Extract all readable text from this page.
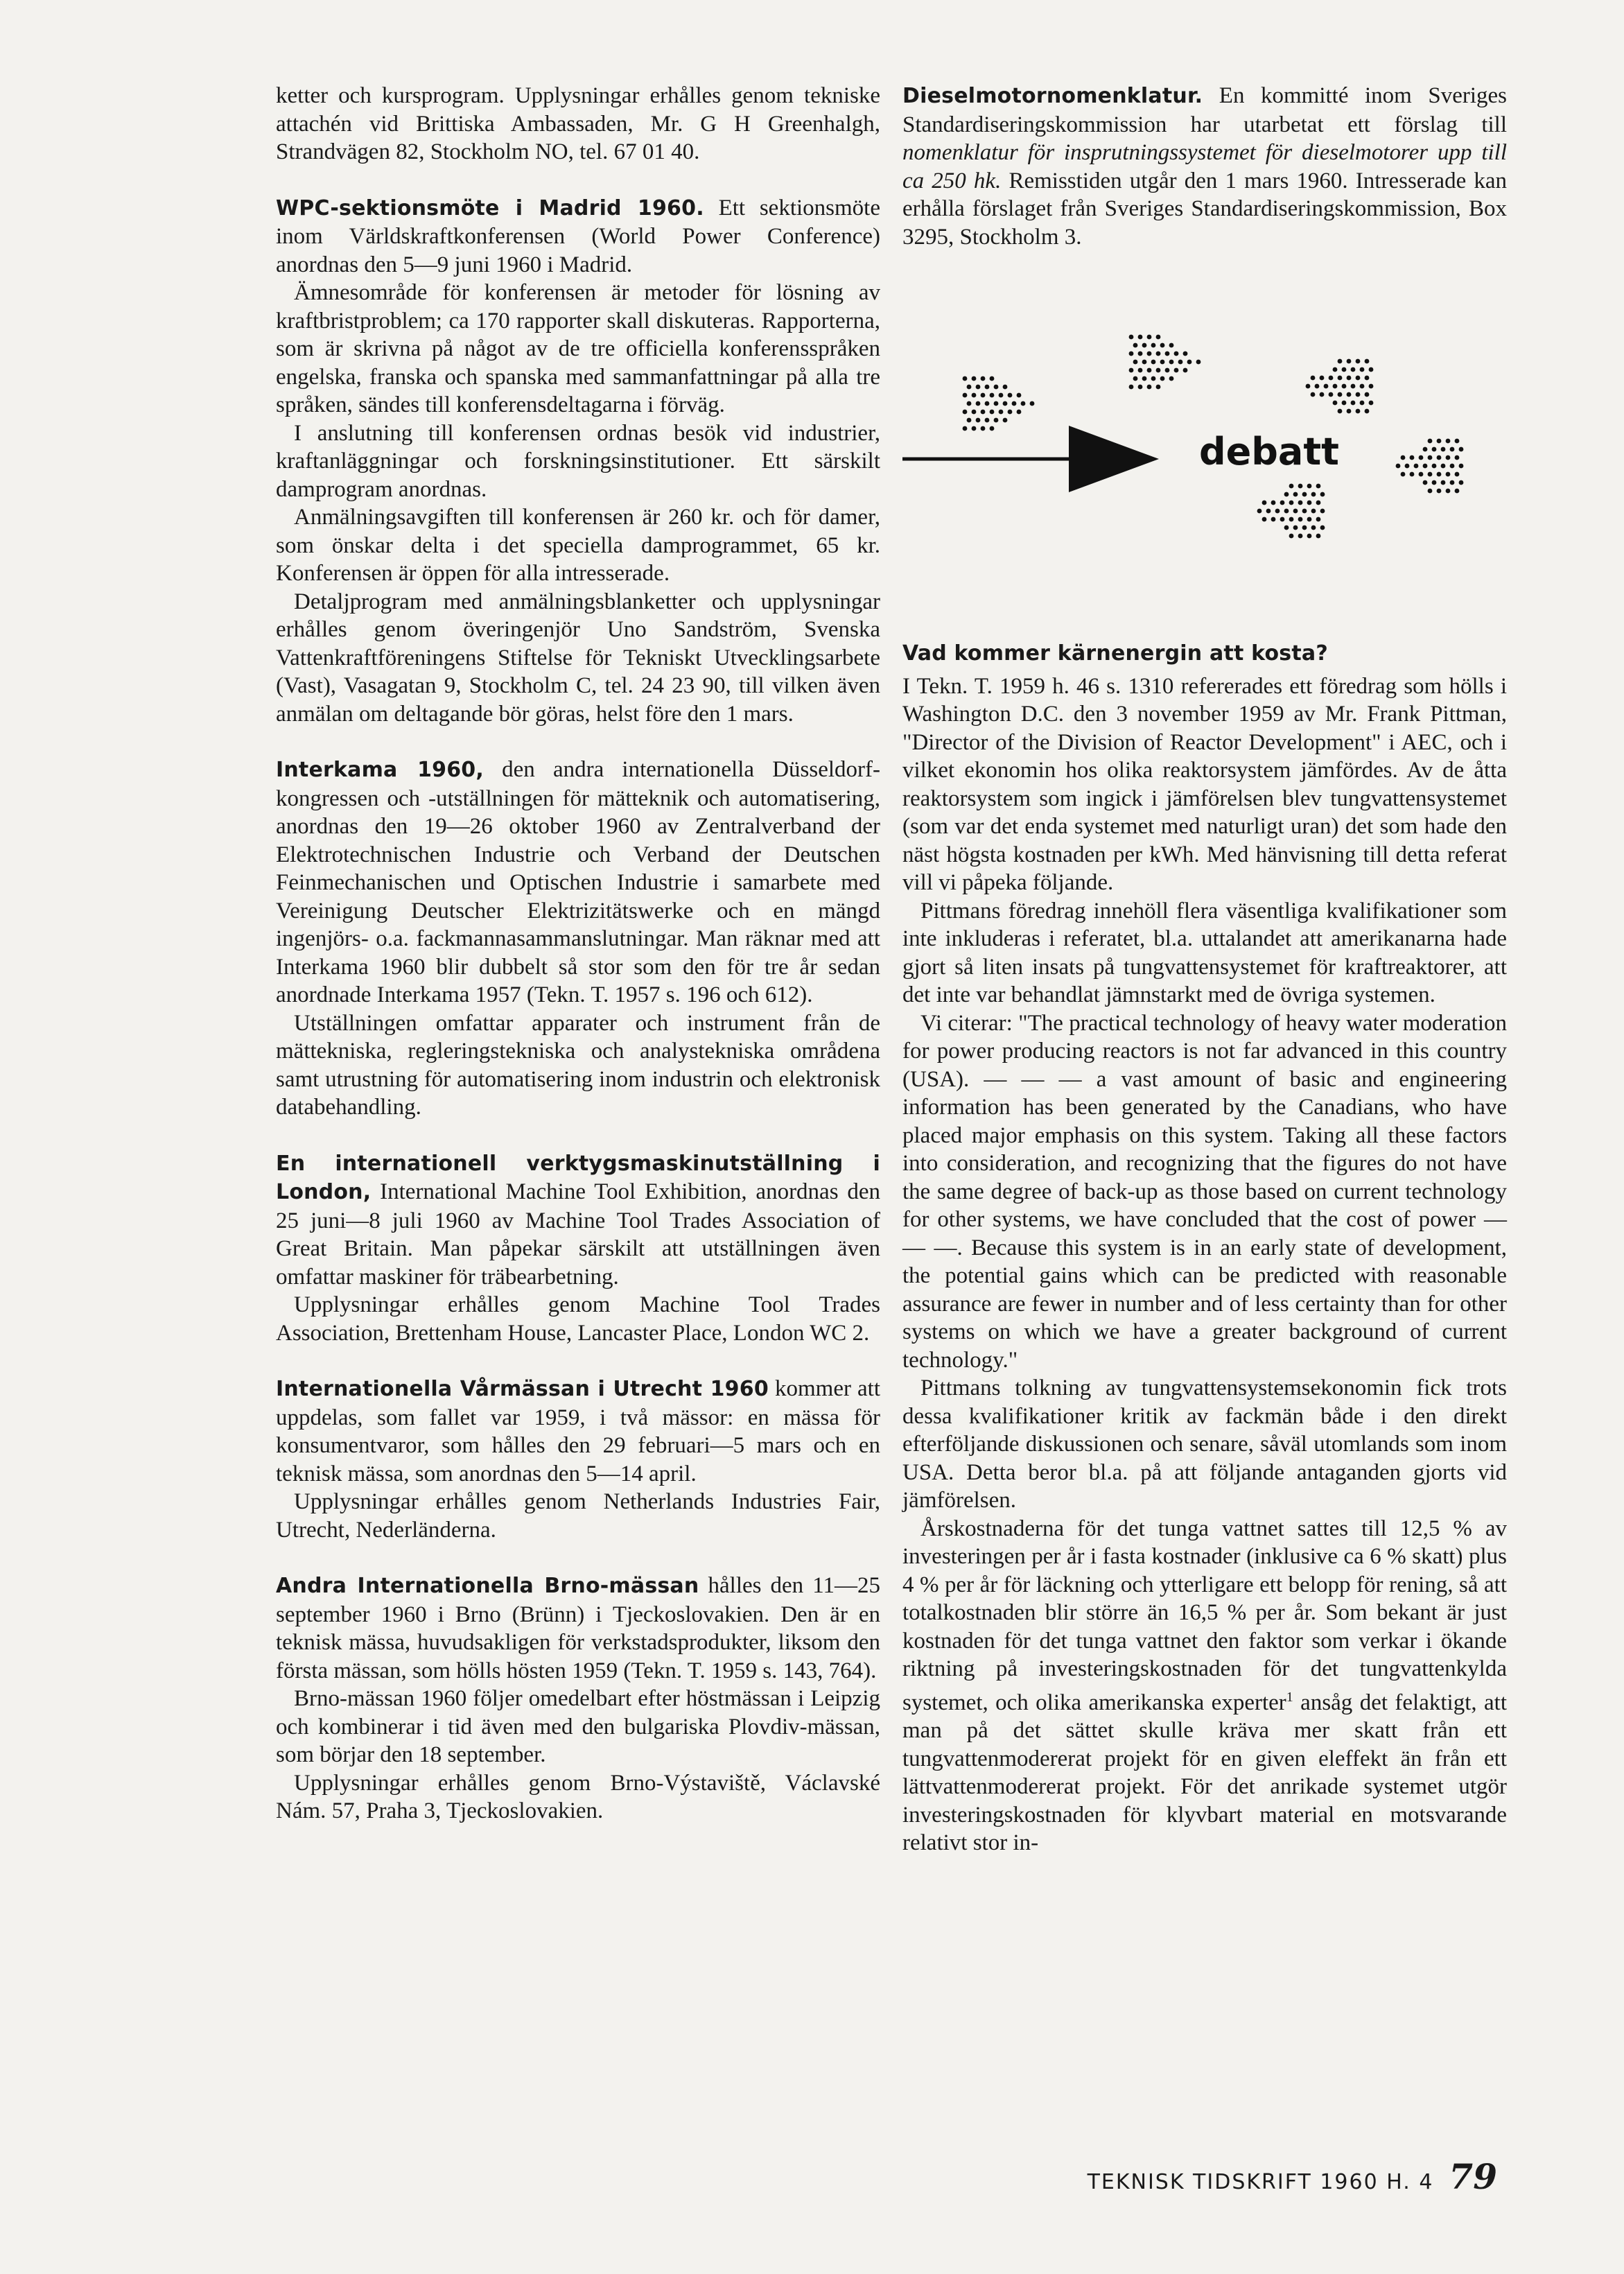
ketter och kursprogram. Upplysningar erhålles genom tekniske attachén vid Brittiska Ambassaden, Mr. G H Greenhalgh, Strandvägen 82, Stockholm NO, tel. 67 01 40.

WPC-sektionsmöte i Madrid 1960. Ett sektionsmöte inom Världskraftkonferensen (World Power Conference) anordnas den 5—9 juni 1960 i Madrid.

Ämnesområde för konferensen är metoder för lösning av kraftbristproblem; ca 170 rapporter skall diskuteras. Rapporterna, som är skrivna på något av de tre officiella konferensspråken engelska, franska och spanska med sammanfattningar på alla tre språken, sändes till konferensdeltagarna i förväg.

I anslutning till konferensen ordnas besök vid industrier, kraftanläggningar och forskningsinstitutioner. Ett särskilt damprogram anordnas.

Anmälningsavgiften till konferensen är 260 kr. och för damer, som önskar delta i det speciella damprogrammet, 65 kr. Konferensen är öppen för alla intresserade.

Detaljprogram med anmälningsblanketter och upplysningar erhålles genom överingenjör Uno Sandström, Svenska Vattenkraftföreningens Stiftelse för Tekniskt Utvecklingsarbete (Vast), Vasagatan 9, Stockholm C, tel. 24 23 90, till vilken även anmälan om deltagande bör göras, helst före den 1 mars.

Interkama 1960, den andra internationella Düsseldorf-kongressen och -utställningen för mätteknik och automatisering, anordnas den 19—26 oktober 1960 av Zentralverband der Elektrotechnischen Industrie och Verband der Deutschen Feinmechanischen und Optischen Industrie i samarbete med Vereinigung Deutscher Elektrizitätswerke och en mängd ingenjörs- o.a. fackmannasammanslutningar. Man räknar med att Interkama 1960 blir dubbelt så stor som den för tre år sedan anordnade Interkama 1957 (Tekn. T. 1957 s. 196 och 612).

Utställningen omfattar apparater och instrument från de mättekniska, regleringstekniska och analystekniska områdena samt utrustning för automatisering inom industrin och elektronisk databehandling.

En internationell verktygsmaskinutställning i London, International Machine Tool Exhibition, anordnas den 25 juni—8 juli 1960 av Machine Tool Trades Association of Great Britain. Man påpekar särskilt att utställningen även omfattar maskiner för träbearbetning.

Upplysningar erhålles genom Machine Tool Trades Association, Brettenham House, Lancaster Place, London WC 2.

Internationella Vårmässan i Utrecht 1960 kommer att uppdelas, som fallet var 1959, i två mässor: en mässa för konsumentvaror, som hålles den 29 februari—5 mars och en teknisk mässa, som anordnas den 5—14 april.

Upplysningar erhålles genom Netherlands Industries Fair, Utrecht, Nederländerna.

Andra Internationella Brno-mässan hålles den 11—25 september 1960 i Brno (Brünn) i Tjeckoslovakien. Den är en teknisk mässa, huvudsakligen för verkstadsprodukter, liksom den första mässan, som hölls hösten 1959 (Tekn. T. 1959 s. 143, 764).

Brno-mässan 1960 följer omedelbart efter höstmässan i Leipzig och kombinerar i tid även med den bulgariska Plovdiv-mässan, som börjar den 18 september.

Upplysningar erhålles genom Brno-Výstaviště, Václavské Nám. 57, Praha 3, Tjeckoslovakien.

Dieselmotornomenklatur. En kommitté inom Sveriges Standardiseringskommission har utarbetat ett förslag till nomenklatur för insprutningssystemet för dieselmotorer upp till ca 250 hk. Remisstiden utgår den 1 mars 1960. Intresserade kan erhålla förslaget från Sveriges Standardiseringskommission, Box 3295, Stockholm 3.

debatt

Vad kommer kärnenergin att kosta?

I Tekn. T. 1959 h. 46 s. 1310 refererades ett föredrag som hölls i Washington D.C. den 3 november 1959 av Mr. Frank Pittman, "Director of the Division of Reactor Development" i AEC, och i vilket ekonomin hos olika reaktorsystem jämfördes. Av de åtta reaktorsystem som ingick i jämförelsen blev tungvattensystemet (som var det enda systemet med naturligt uran) det som hade den näst högsta kostnaden per kWh. Med hänvisning till detta referat vill vi påpeka följande.

Pittmans föredrag innehöll flera väsentliga kvalifikationer som inte inkluderas i referatet, bl.a. uttalandet att amerikanarna hade gjort så liten insats på tungvattensystemet för kraftreaktorer, att det inte var behandlat jämnstarkt med de övriga systemen.

Vi citerar: "The practical technology of heavy water moderation for power producing reactors is not far advanced in this country (USA). — — — a vast amount of basic and engineering information has been generated by the Canadians, who have placed major emphasis on this system. Taking all these factors into consideration, and recognizing that the figures do not have the same degree of back-up as those based on current technology for other systems, we have concluded that the cost of power — — —. Because this system is in an early state of development, the potential gains which can be predicted with reasonable assurance are fewer in number and of less certainty than for other systems on which we have a greater background of current technology."

Pittmans tolkning av tungvattensystemsekonomin fick trots dessa kvalifikationer kritik av fackmän både i den direkt efterföljande diskussionen och senare, såväl utomlands som inom USA. Detta beror bl.a. på att följande antaganden gjorts vid jämförelsen.

Årskostnaderna för det tunga vattnet sattes till 12,5 % av investeringen per år i fasta kostnader (inklusive ca 6 % skatt) plus 4 % per år för läckning och ytterligare ett belopp för rening, så att totalkostnaden blir större än 16,5 % per år. Som bekant är just kostnaden för det tunga vattnet den faktor som verkar i ökande riktning på investeringskostnaden för det tungvattenkylda systemet, och olika amerikanska experter$^1$ ansåg det felaktigt, att man på det sättet skulle kräva mer skatt från ett tungvattenmodererat projekt för en given eleffekt än från ett lättvattenmodererat projekt. För det anrikade systemet utgör investeringskostnaden för klyvbart material en motsvarande relativt stor in-

TEKNISK TIDSKRIFT 1960 H. 4 79
